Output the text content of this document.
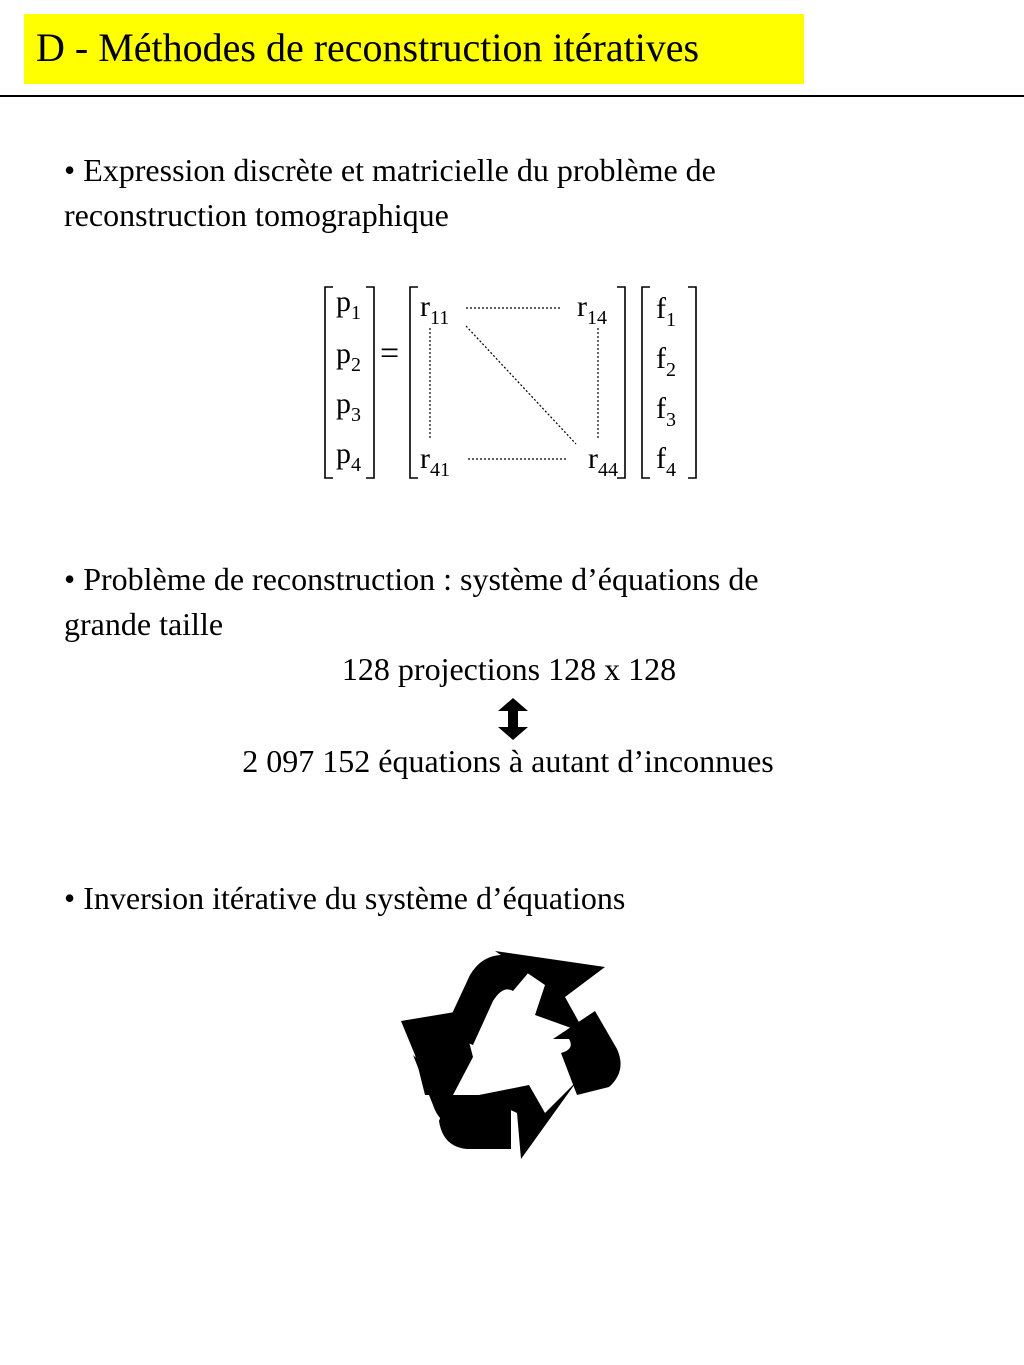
D - Méthodes de reconstruction itératives
• Expression discrète et matricielle du problème de
reconstruction tomographique
$p_1$
$p_2$
$p_3$
$p_4$
=
$r_{11}$	$r_{14}$
$r_{41}$	$r_{44}$
$f_1$
$f_2$
$f_3$
$f_4$
• Problème de reconstruction : système d’équations de
grande taille
128 projections 128 x 128
2 097 152 équations à autant d’inconnues
• Inversion itérative du système d’équations
